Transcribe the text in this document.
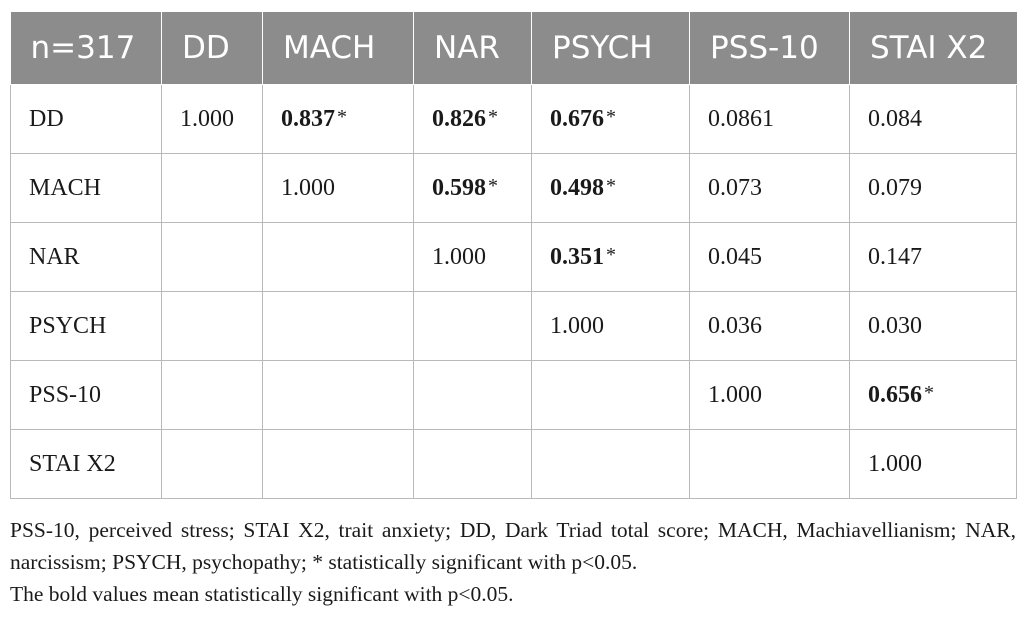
n=317	DD	MACH	NAR	PSYCH	PSS-10	STAI X2
DD	1.000	0.837 *	0.826 *	0.676 *	0.0861	0.084
MACH		1.000	0.598 *	0.498 *	0.073	0.079
NAR			1.000	0.351 *	0.045	0.147
PSYCH				1.000	0.036	0.030
PSS-10					1.000	0.656 *
STAI X2						1.000

PSS-10, perceived stress; STAI X2, trait anxiety; DD, Dark Triad total score; MACH, Machiavellianism; NAR, narcissism; PSYCH, psychopathy; * statistically significant with p<0.05.

The bold values mean statistically significant with p<0.05.
